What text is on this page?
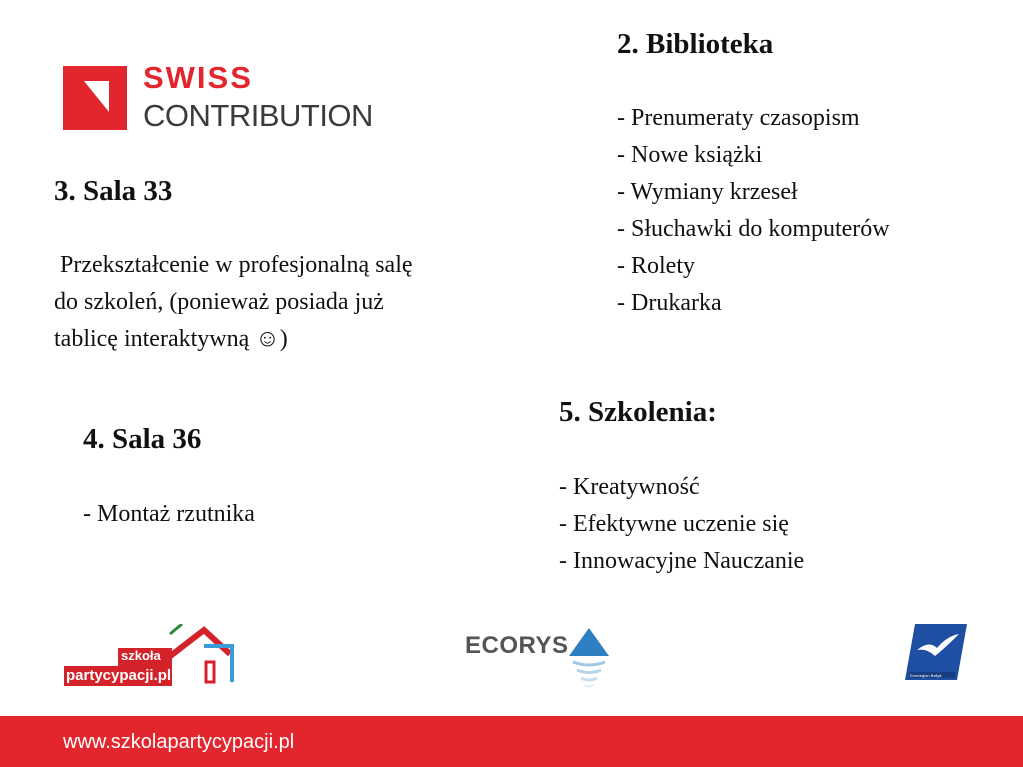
SWISS
CONTRIBUTION
2. Biblioteka
- Prenumeraty czasopism
- Nowe książki
- Wymiany krzeseł
- Słuchawki do komputerów
- Rolety
- Drukarka
3. Sala 33
Przekształcenie w profesjonalną salę
do szkoleń, (ponieważ posiada już
tablicę interaktywną ☺)
4. Sala 36
- Montaż rzutnika
5. Szkolenia:
- Kreatywność
- Efektywne uczenie się
- Innowacyjne Nauczanie
szkoła
partycypacji.pl
ECORYS
Euroregion Bałtyk
www.szkolapartycypacji.pl
